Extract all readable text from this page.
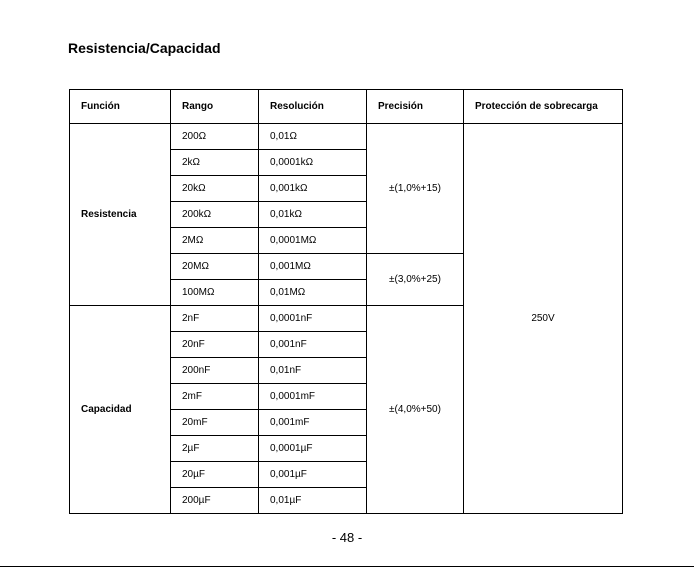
Resistencia/Capacidad
Función	Rango	Resolución	Precisión	Protección de sobrecarga
Resistencia	200Ω	0,01Ω	±(1,0%+15)	250V
	2kΩ	0,0001kΩ		
	20kΩ	0,001kΩ		
	200kΩ	0,01kΩ		
	2MΩ	0,0001MΩ		
	20MΩ	0,001MΩ	±(3,0%+25)	
	100MΩ	0,01MΩ		
Capacidad	2nF	0,0001nF	±(4,0%+50)	
	20nF	0,001nF		
	200nF	0,01nF		
	2mF	0,0001mF		
	20mF	0,001mF		
	2µF	0,0001µF		
	20µF	0,001µF		
	200µF	0,01µF		
- 48 -
